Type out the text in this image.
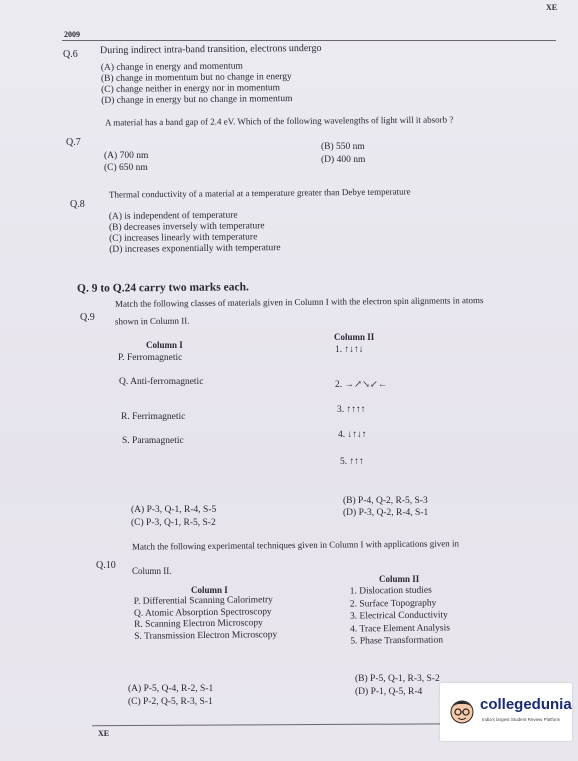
2009
XE
Q.6 During indirect intra-band transition, electrons undergo
(A) change in energy and momentum
(B) change in momentum but no change in energy
(C) change neither in energy nor in momentum
(D) change in energy but no change in momentum
Q.7
A material has a band gap of 2.4 eV. Which of the following wavelengths of light will it absorb ?
(A) 700 nm
(B) 550 nm
(C) 650 nm
(D) 400 nm
Q.8
Thermal conductivity of a material at a temperature greater than Debye temperature
(A) is independent of temperature
(B) decreases inversely with temperature
(C) increases linearly with temperature
(D) increases exponentially with temperature
Q. 9 to Q.24 carry two marks each.
Q.9
Match the following classes of materials given in Column I with the electron spin alignments in atoms
shown in Column II.
Column I
Column II
P. Ferromagnetic
Q. Anti-ferromagnetic
R. Ferrimagnetic
S. Paramagnetic
1. ↑↓↑↓
2. →↗↘↙←
3. ↑↑↑↑
4. ↓↑↓↑
5. ↑↑↑
(A) P-3, Q-1, R-4, S-5
(B) P-4, Q-2, R-5, S-3
(C) P-3, Q-1, R-5, S-2
(D) P-3, Q-2, R-4, S-1
Q.10
Match the following experimental techniques given in Column I with applications given in
Column II.
Column I
Column II
P. Differential Scanning Calorimetry
Q. Atomic Absorption Spectroscopy
R. Scanning Electron Microscopy
S. Transmission Electron Microscopy
1. Dislocation studies
2. Surface Topography
3. Electrical Conductivity
4. Trace Element Analysis
5. Phase Transformation
(A) P-5, Q-4, R-2, S-1
(B) P-5, Q-1, R-3, S-2
(C) P-2, Q-5, R-3, S-1
(D) P-1, Q-5, R-4
XE
collegedunia
India's largest Student Review Platform
